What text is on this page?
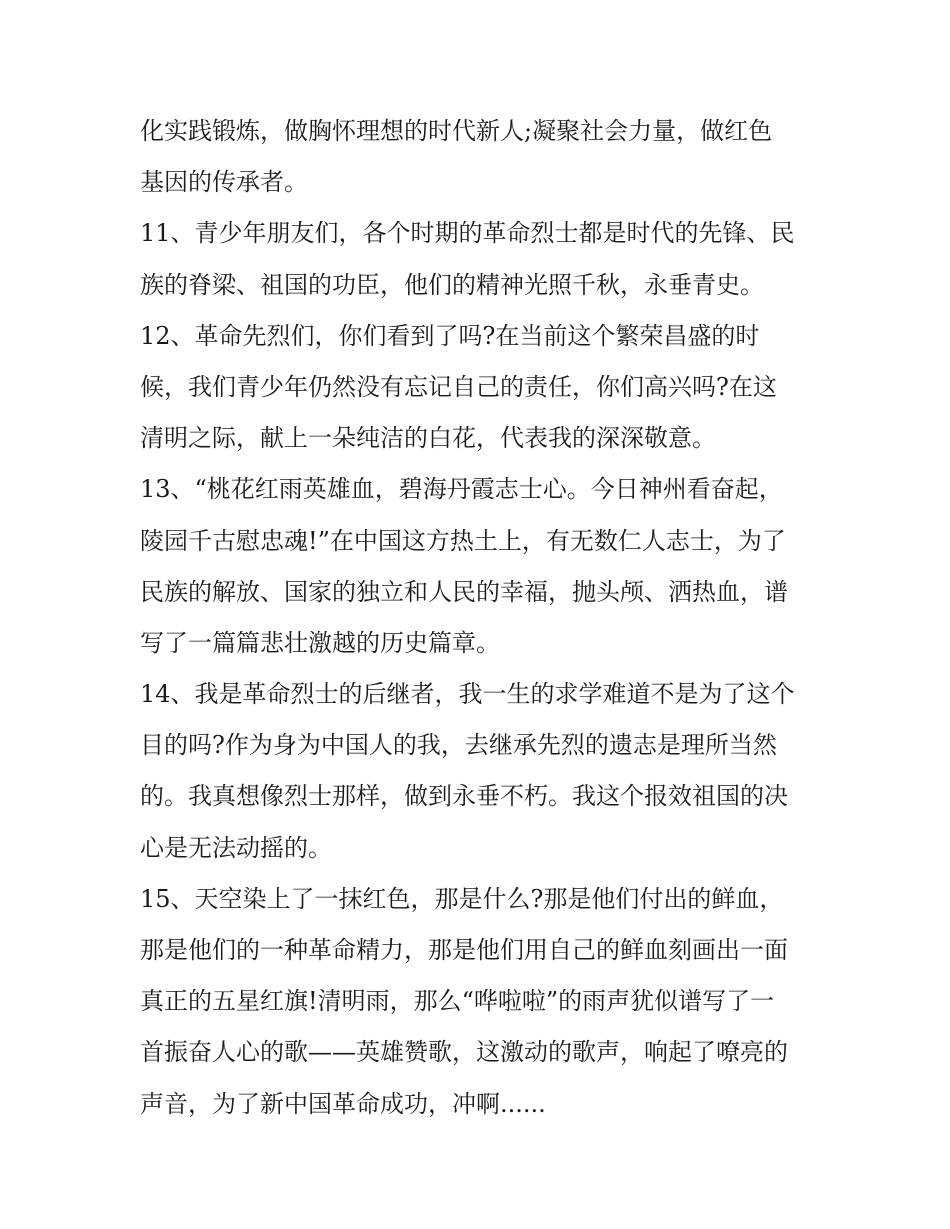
化实践锻炼，做胸怀理想的时代新人;凝聚社会力量，做红色
基因的传承者。
11、青少年朋友们，各个时期的革命烈士都是时代的先锋、民
族的脊梁、祖国的功臣，他们的精神光照千秋，永垂青史。
12、革命先烈们，你们看到了吗?在当前这个繁荣昌盛的时
候，我们青少年仍然没有忘记自己的责任，你们高兴吗?在这
清明之际，献上一朵纯洁的白花，代表我的深深敬意。
13、“桃花红雨英雄血，碧海丹霞志士心。今日神州看奋起，
陵园千古慰忠魂!”在中国这方热土上，有无数仁人志士，为了
民族的解放、国家的独立和人民的幸福，抛头颅、洒热血，谱
写了一篇篇悲壮激越的历史篇章。
14、我是革命烈士的后继者，我一生的求学难道不是为了这个
目的吗?作为身为中国人的我，去继承先烈的遗志是理所当然
的。我真想像烈士那样，做到永垂不朽。我这个报效祖国的决
心是无法动摇的。
15、天空染上了一抹红色，那是什么?那是他们付出的鲜血，
那是他们的一种革命精力，那是他们用自己的鲜血刻画出一面
真正的五星红旗!清明雨，那么“哗啦啦”的雨声犹似谱写了一
首振奋人心的歌——英雄赞歌，这激动的歌声，响起了嘹亮的
声音，为了新中国革命成功，冲啊......
